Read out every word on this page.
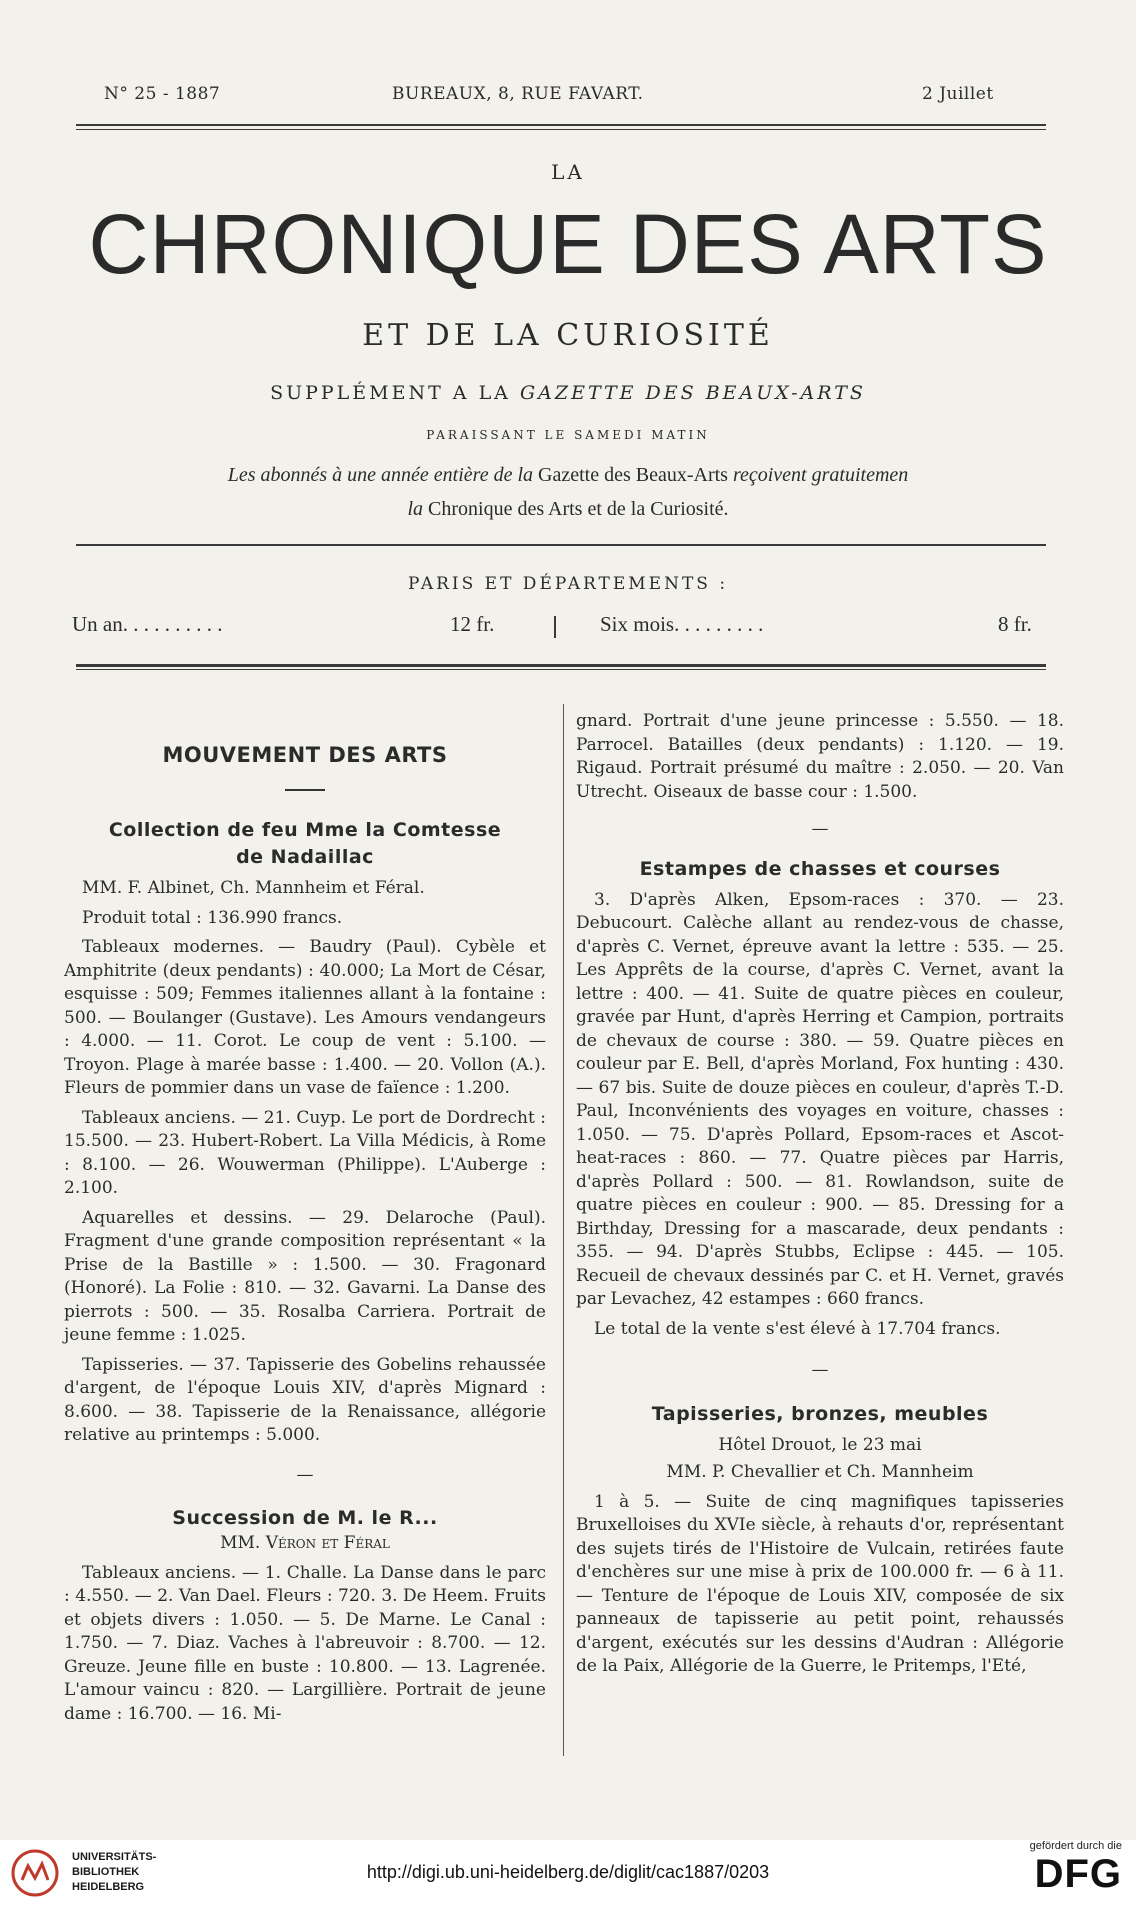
N° 25 - 1887	BUREAUX, 8, RUE FAVART.	2 Juillet
LA
CHRONIQUE DES ARTS
ET DE LA CURIOSITÉ
SUPPLÉMENT A LA GAZETTE DES BEAUX-ARTS
PARAISSANT LE SAMEDI MATIN
Les abonnés à une année entière de la Gazette des Beaux-Arts reçoivent gratuitemen
la Chronique des Arts et de la Curiosité.
PARIS ET DÉPARTEMENTS :
Un an. . . . . . . . . .	12 fr.	Six mois. . . . . . . . .	8 fr.
MOUVEMENT DES ARTS
Collection de feu Mme la Comtesse
de Nadaillac

MM. F. Albinet, Ch. Mannheim et Féral.

Produit total : 136.990 francs.

Tableaux modernes. — Baudry (Paul). Cybèle et Amphitrite (deux pendants) : 40.000; La Mort de César, esquisse : 509; Femmes italiennes allant à la fontaine : 500. — Boulanger (Gustave). Les Amours vendangeurs : 4.000. — 11. Corot. Le coup de vent : 5.100. — Troyon. Plage à marée basse : 1.400. — 20. Vollon (A.). Fleurs de pommier dans un vase de faïence : 1.200.

Tableaux anciens. — 21. Cuyp. Le port de Dordrecht : 15.500. — 23. Hubert-Robert. La Villa Médicis, à Rome : 8.100. — 26. Wouwerman (Philippe). L'Auberge : 2.100.

Aquarelles et dessins. — 29. Delaroche (Paul). Fragment d'une grande composition représentant « la Prise de la Bastille » : 1.500. — 30. Fragonard (Honoré). La Folie : 810. — 32. Gavarni. La Danse des pierrots : 500. — 35. Rosalba Carriera. Portrait de jeune femme : 1.025.

Tapisseries. — 37. Tapisserie des Gobelins rehaussée d'argent, de l'époque Louis XIV, d'après Mignard : 8.600. — 38. Tapisserie de la Renaissance, allégorie relative au printemps : 5.000.

—
Succession de M. le R...
MM. Véron et Féral

Tableaux anciens. — 1. Challe. La Danse dans le parc : 4.550. — 2. Van Dael. Fleurs : 720. 3. De Heem. Fruits et objets divers : 1.050. — 5. De Marne. Le Canal : 1.750. — 7. Diaz. Vaches à l'abreuvoir : 8.700. — 12. Greuze. Jeune fille en buste : 10.800. — 13. Lagrenée. L'amour vaincu : 820. — Largillière. Portrait de jeune dame : 16.700. — 16. Mi-

gnard. Portrait d'une jeune princesse : 5.550. — 18. Parrocel. Batailles (deux pendants) : 1.120. — 19. Rigaud. Portrait présumé du maître : 2.050. — 20. Van Utrecht. Oiseaux de basse cour : 1.500.

—
Estampes de chasses et courses

3. D'après Alken, Epsom-races : 370. — 23. Debucourt. Calèche allant au rendez-vous de chasse, d'après C. Vernet, épreuve avant la lettre : 535. — 25. Les Apprêts de la course, d'après C. Vernet, avant la lettre : 400. — 41. Suite de quatre pièces en couleur, gravée par Hunt, d'après Herring et Campion, portraits de chevaux de course : 380. — 59. Quatre pièces en couleur par E. Bell, d'après Morland, Fox hunting : 430. — 67 bis. Suite de douze pièces en couleur, d'après T.-D. Paul, Inconvénients des voyages en voiture, chasses : 1.050. — 75. D'après Pollard, Epsom-races et Ascot-heat-races : 860. — 77. Quatre pièces par Harris, d'après Pollard : 500. — 81. Rowlandson, suite de quatre pièces en couleur : 900. — 85. Dressing for a Birthday, Dressing for a mascarade, deux pendants : 355. — 94. D'après Stubbs, Eclipse : 445. — 105. Recueil de chevaux dessinés par C. et H. Vernet, gravés par Levachez, 42 estampes : 660 francs.

Le total de la vente s'est élevé à 17.704 francs.

—
Tapisseries, bronzes, meubles
Hôtel Drouot, le 23 mai
MM. P. Chevallier et Ch. Mannheim

1 à 5. — Suite de cinq magnifiques tapisseries Bruxelloises du XVIe siècle, à rehauts d'or, représentant des sujets tirés de l'Histoire de Vulcain, retirées faute d'enchères sur une mise à prix de 100.000 fr. — 6 à 11. — Tenture de l'époque de Louis XIV, composée de six panneaux de tapisserie au petit point, rehaussés d'argent, exécutés sur les dessins d'Audran : Allégorie de la Paix, Allégorie de la Guerre, le Pritemps, l'Eté,

UNIVERSITÄTS-
BIBLIOTHEK
HEIDELBERG
http://digi.ub.uni-heidelberg.de/diglit/cac1887/0203
gefördert durch die
DFG
